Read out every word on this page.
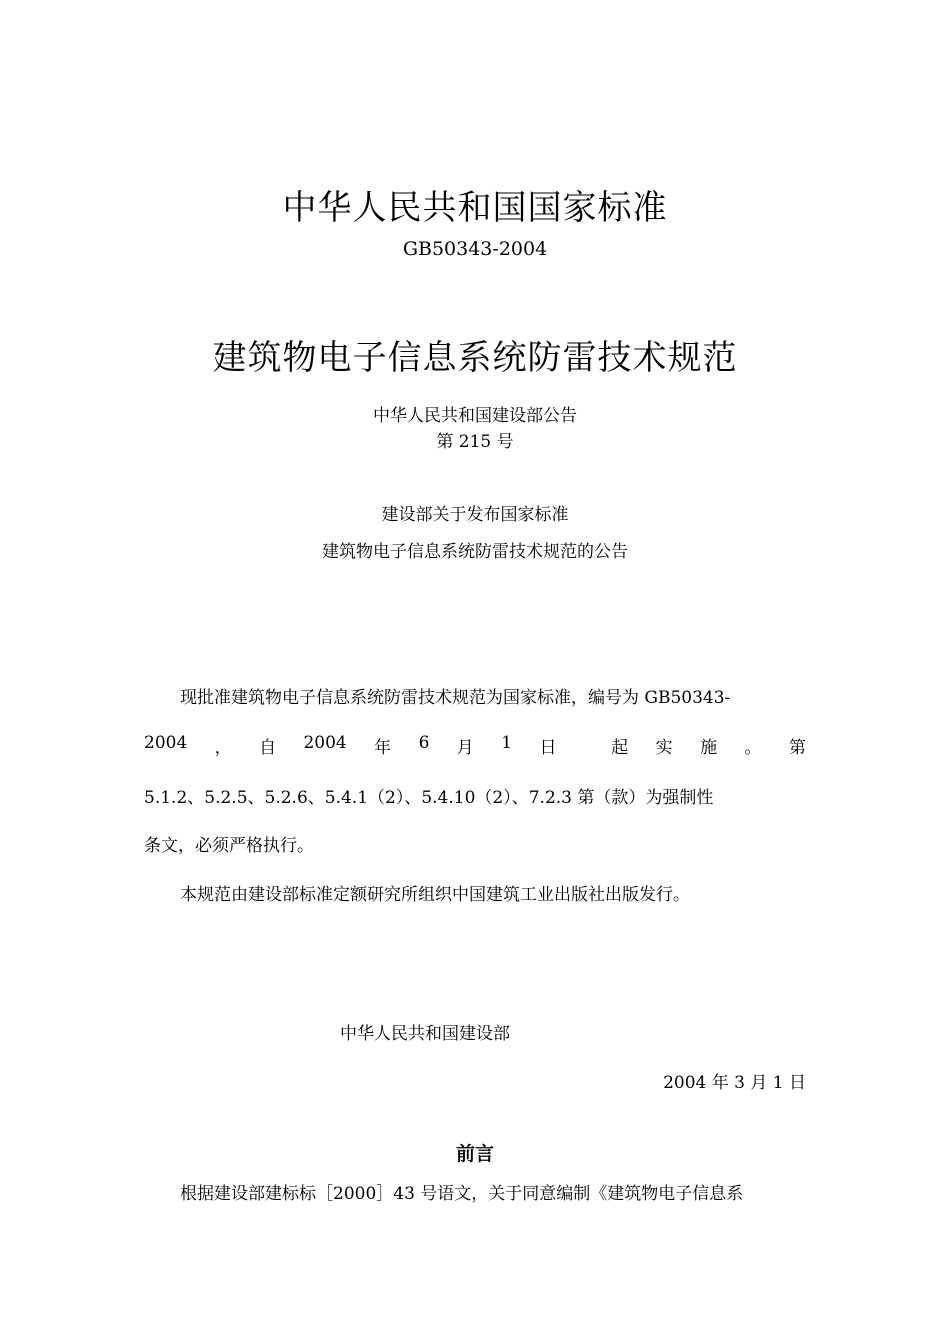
中华人民共和国国家标准
GB50343-2004
建筑物电子信息系统防雷技术规范
中华人民共和国建设部公告
第 215 号
建设部关于发布国家标准
建筑物电子信息系统防雷技术规范的公告
现批准建筑物电子信息系统防雷技术规范为国家标准，编号为 GB50343-
2004 ， 自 2004 年 6 月 1 日	起 实 施 。 第
5.1.2、5.2.5、5.2.6、5.4.1（2）、5.4.10（2）、7.2.3 第（款）为强制性
条文，必须严格执行。
本规范由建设部标准定额研究所组织中国建筑工业出版社出版发行。
中华人民共和国建设部
2004 年 3 月 1 日
前言
根据建设部建标标［2000］43 号语文，关于同意编制《建筑物电子信息系
